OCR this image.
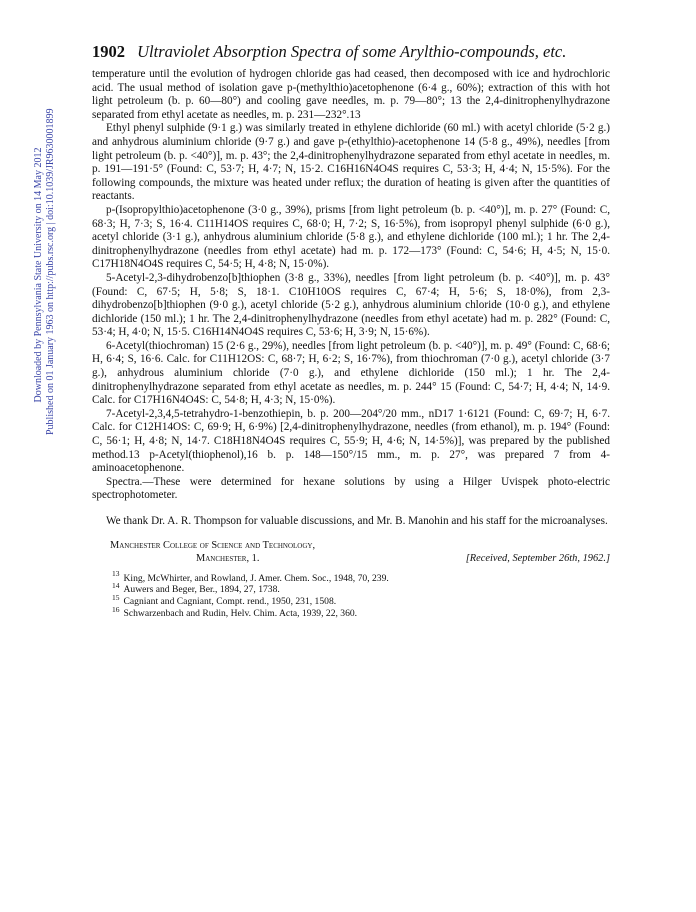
Downloaded by Pennsylvania State University on 14 May 2012 Published on 01 January 1963 on http://pubs.rsc.org | doi:10.1039/JR9630001899
1902 Ultraviolet Absorption Spectra of some Arylthio-compounds, etc.

temperature until the evolution of hydrogen chloride gas had ceased, then decomposed with ice and hydrochloric acid. The usual method of isolation gave p-(methylthio)acetophenone (6·4 g., 60%); extraction of this with hot light petroleum (b. p. 60—80°) and cooling gave needles, m. p. 79—80°; 13 the 2,4-dinitrophenylhydrazone separated from ethyl acetate as needles, m. p. 231—232°.13

Ethyl phenyl sulphide (9·1 g.) was similarly treated in ethylene dichloride (60 ml.) with acetyl chloride (5·2 g.) and anhydrous aluminium chloride (9·7 g.) and gave p-(ethylthio)-acetophenone 14 (5·8 g., 49%), needles [from light petroleum (b. p. <40°)], m. p. 43°; the 2,4-dinitrophenylhydrazone separated from ethyl acetate in needles, m. p. 191—191·5° (Found: C, 53·7; H, 4·7; N, 15·2. C16H16N4O4S requires C, 53·3; H, 4·4; N, 15·5%). For the following compounds, the mixture was heated under reflux; the duration of heating is given after the quantities of reactants.

p-(Isopropylthio)acetophenone (3·0 g., 39%), prisms [from light petroleum (b. p. <40°)], m. p. 27° (Found: C, 68·3; H, 7·3; S, 16·4. C11H14OS requires C, 68·0; H, 7·2; S, 16·5%), from isopropyl phenyl sulphide (6·0 g.), acetyl chloride (3·1 g.), anhydrous aluminium chloride (5·8 g.), and ethylene dichloride (100 ml.); 1 hr. The 2,4-dinitrophenylhydrazone (needles from ethyl acetate) had m. p. 172—173° (Found: C, 54·6; H, 4·5; N, 15·0. C17H18N4O4S requires C, 54·5; H, 4·8; N, 15·0%).

5-Acetyl-2,3-dihydrobenzo[b]thiophen (3·8 g., 33%), needles [from light petroleum (b. p. <40°)], m. p. 43° (Found: C, 67·5; H, 5·8; S, 18·1. C10H10OS requires C, 67·4; H, 5·6; S, 18·0%), from 2,3-dihydrobenzo[b]thiophen (9·0 g.), acetyl chloride (5·2 g.), anhydrous aluminium chloride (10·0 g.), and ethylene dichloride (150 ml.); 1 hr. The 2,4-dinitrophenylhydrazone (needles from ethyl acetate) had m. p. 282° (Found: C, 53·4; H, 4·0; N, 15·5. C16H14N4O4S requires C, 53·6; H, 3·9; N, 15·6%).

6-Acetyl(thiochroman) 15 (2·6 g., 29%), needles [from light petroleum (b. p. <40°)], m. p. 49° (Found: C, 68·6; H, 6·4; S, 16·6. Calc. for C11H12OS: C, 68·7; H, 6·2; S, 16·7%), from thiochroman (7·0 g.), acetyl chloride (3·7 g.), anhydrous aluminium chloride (7·0 g.), and ethylene dichloride (150 ml.); 1 hr. The 2,4-dinitrophenylhydrazone separated from ethyl acetate as needles, m. p. 244° 15 (Found: C, 54·7; H, 4·4; N, 14·9. Calc. for C17H16N4O4S: C, 54·8; H, 4·3; N, 15·0%).

7-Acetyl-2,3,4,5-tetrahydro-1-benzothiepin, b. p. 200—204°/20 mm., nD17 1·6121 (Found: C, 69·7; H, 6·7. Calc. for C12H14OS: C, 69·9; H, 6·9%) [2,4-dinitrophenylhydrazone, needles (from ethanol), m. p. 194° (Found: C, 56·1; H, 4·8; N, 14·7. C18H18N4O4S requires C, 55·9; H, 4·6; N, 14·5%)], was prepared by the published method.13 p-Acetyl(thiophenol),16 b. p. 148—150°/15 mm., m. p. 27°, was prepared 7 from 4-aminoacetophenone.

Spectra.—These were determined for hexane solutions by using a Hilger Uvispek photo-electric spectrophotometer.

We thank Dr. A. R. Thompson for valuable discussions, and Mr. B. Manohin and his staff for the microanalyses.
Manchester College of Science and Technology,
Manchester, 1.	[Received, September 26th, 1962.]
$^{13}$ King, McWhirter, and Rowland, J. Amer. Chem. Soc., 1948, 70, 239.
$^{14}$ Auwers and Beger, Ber., 1894, 27, 1738.
$^{15}$ Cagniant and Cagniant, Compt. rend., 1950, 231, 1508.
$^{16}$ Schwarzenbach and Rudin, Helv. Chim. Acta, 1939, 22, 360.
